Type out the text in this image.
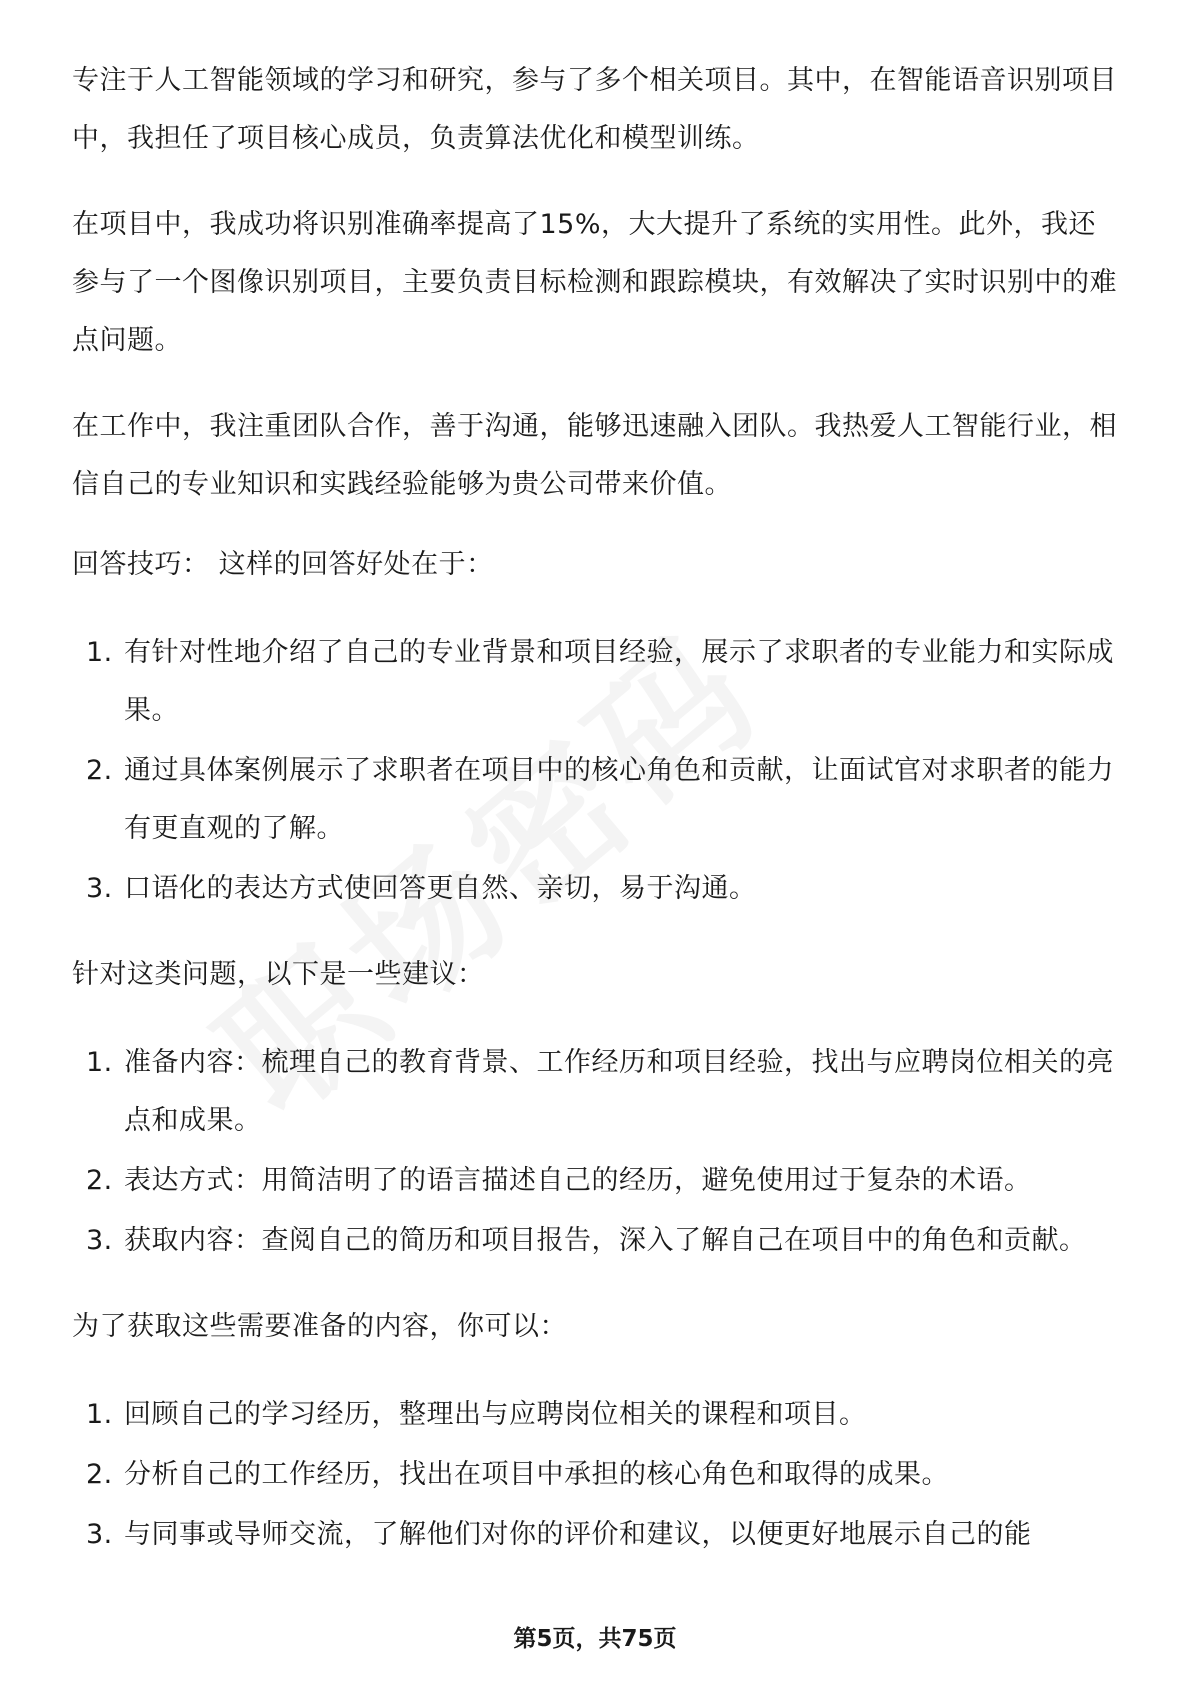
专注于人工智能领域的学习和研究，参与了多个相关项目。其中，在智能语音识别项目中，我担任了项目核心成员，负责算法优化和模型训练。

在项目中，我成功将识别准确率提高了15%，大大提升了系统的实用性。此外，我还参与了一个图像识别项目，主要负责目标检测和跟踪模块，有效解决了实时识别中的难点问题。

在工作中，我注重团队合作，善于沟通，能够迅速融入团队。我热爱人工智能行业，相信自己的专业知识和实践经验能够为贵公司带来价值。

回答技巧： 这样的回答好处在于：

1. 有针对性地介绍了自己的专业背景和项目经验，展示了求职者的专业能力和实际成果。
2. 通过具体案例展示了求职者在项目中的核心角色和贡献，让面试官对求职者的能力有更直观的了解。
3. 口语化的表达方式使回答更自然、亲切，易于沟通。

针对这类问题，以下是一些建议：

1. 准备内容：梳理自己的教育背景、工作经历和项目经验，找出与应聘岗位相关的亮点和成果。
2. 表达方式：用简洁明了的语言描述自己的经历，避免使用过于复杂的术语。
3. 获取内容：查阅自己的简历和项目报告，深入了解自己在项目中的角色和贡献。

为了获取这些需要准备的内容，你可以：

1. 回顾自己的学习经历，整理出与应聘岗位相关的课程和项目。
2. 分析自己的工作经历，找出在项目中承担的核心角色和取得的成果。
3. 与同事或导师交流，了解他们对你的评价和建议，以便更好地展示自己的能
第5页，共75页
